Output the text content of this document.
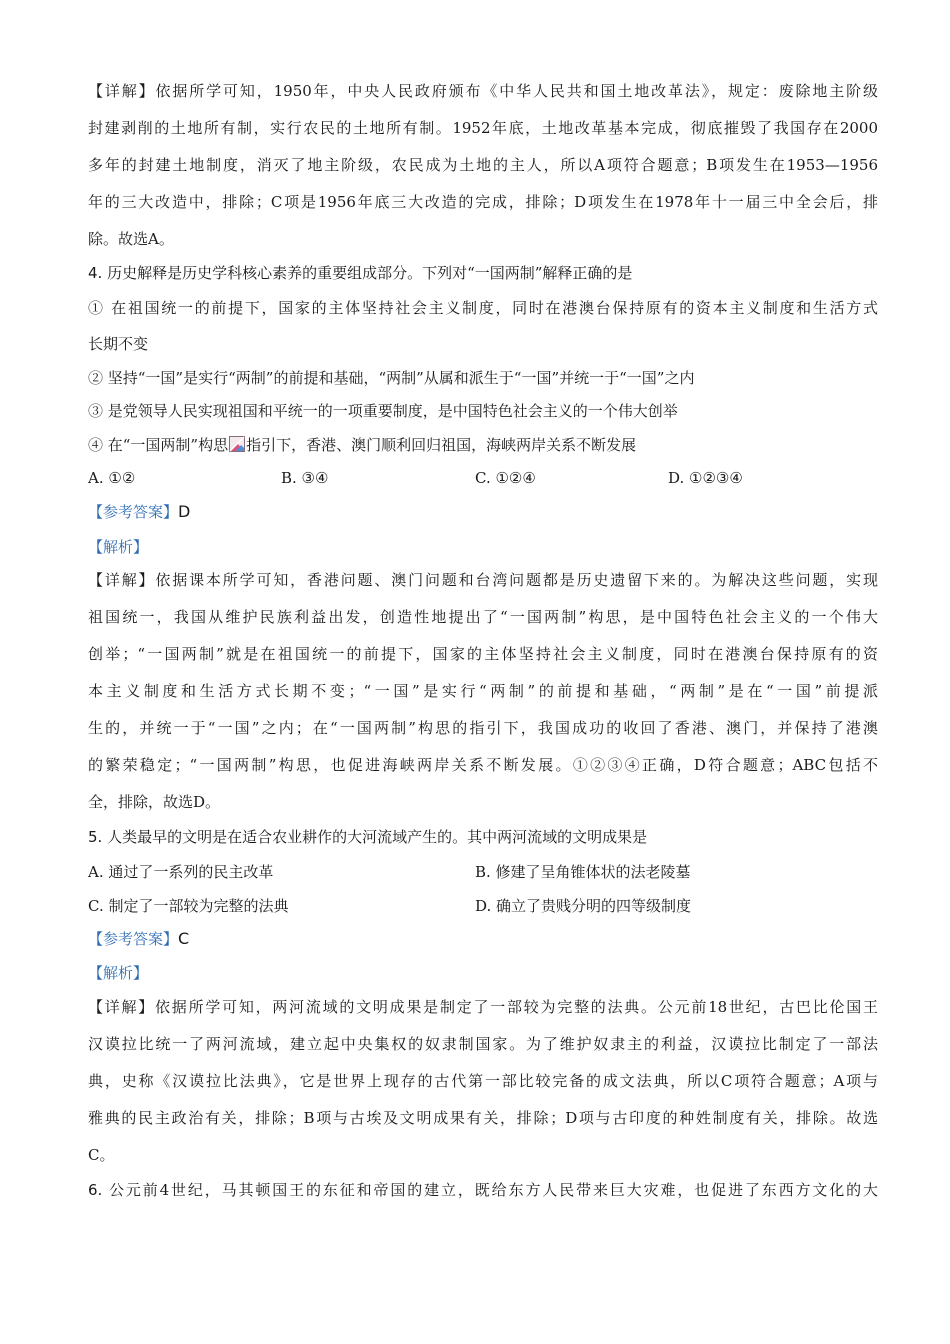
【详解】依据所学可知，1950年，中央人民政府颁布《中华人民共和国土地改革法》，规定：废除地主阶级
封建剥削的土地所有制，实行农民的土地所有制。1952年底，土地改革基本完成，彻底摧毁了我国存在2000
多年的封建土地制度，消灭了地主阶级，农民成为土地的主人，所以A项符合题意；B项发生在1953—1956
年的三大改造中，排除；C项是1956年底三大改造的完成，排除；D项发生在1978年十一届三中全会后，排
除。故选A。
4. 历史解释是历史学科核心素养的重要组成部分。下列对“一国两制”解释正确的是
① 在祖国统一的前提下，国家的主体坚持社会主义制度，同时在港澳台保持原有的资本主义制度和生活方式
长期不变
② 坚持“一国”是实行“两制”的前提和基础，“两制”从属和派生于“一国”并统一于“一国”之内
③ 是党领导人民实现祖国和平统一的一项重要制度，是中国特色社会主义的一个伟大创举
④ 在“一国两制”构思 指引下，香港、澳门顺利回归祖国，海峡两岸关系不断发展
A. ①②	B. ③④	C. ①②④	D. ①②③④
【参考答案】D
【解析】
【详解】依据课本所学可知，香港问题、澳门问题和台湾问题都是历史遗留下来的。为解决这些问题，实现
祖国统一，我国从维护民族利益出发，创造性地提出了“一国两制”构思，是中国特色社会主义的一个伟大
创举；“一国两制”就是在祖国统一的前提下，国家的主体坚持社会主义制度，同时在港澳台保持原有的资
本主义制度和生活方式长期不变；“一国”是实行“两制”的前提和基础，“两制”是在“一国”前提派
生的，并统一于“一国”之内；在“一国两制”构思的指引下，我国成功的收回了香港、澳门，并保持了港澳
的繁荣稳定；“一国两制”构思，也促进海峡两岸关系不断发展。①②③④正确，D符合题意；ABC包括不
全，排除，故选D。
5. 人类最早的文明是在适合农业耕作的大河流域产生的。其中两河流域的文明成果是
A. 通过了一系列的民主改革	B. 修建了呈角锥体状的法老陵墓
C. 制定了一部较为完整的法典	D. 确立了贵贱分明的四等级制度
【参考答案】C
【解析】
【详解】依据所学可知，两河流域的文明成果是制定了一部较为完整的法典。公元前18世纪，古巴比伦国王
汉谟拉比统一了两河流域，建立起中央集权的奴隶制国家。为了维护奴隶主的利益，汉谟拉比制定了一部法
典，史称《汉谟拉比法典》，它是世界上现存的古代第一部比较完备的成文法典，所以C项符合题意；A项与
雅典的民主政治有关，排除；B项与古埃及文明成果有关，排除；D项与古印度的种姓制度有关，排除。故选
C。
6. 公元前4世纪，马其顿国王的东征和帝国的建立，既给东方人民带来巨大灾难，也促进了东西方文化的大
